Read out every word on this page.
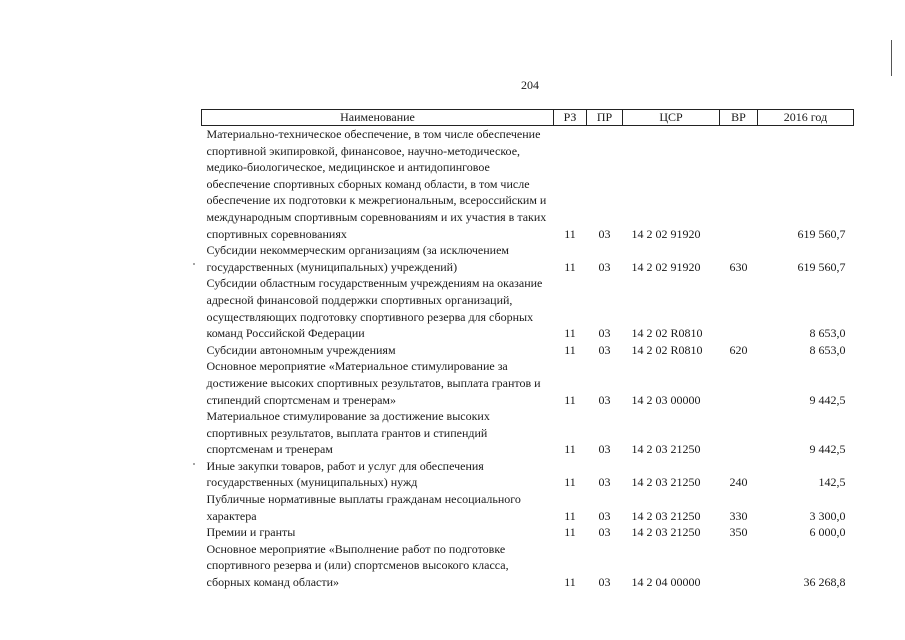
204
Наименование	РЗ	ПР	ЦСР	ВР	2016 год
Материально-техническое обеспечение, в том числе обеспечение спортивной экипировкой, финансовое, научно-методическое, медико-биологическое, медицинское и антидопинговое обеспечение спортивных сборных команд области, в том числе обеспечение их подготовки к межрегиональным, всероссийским и международным спортивным соревнованиям и их участия в таких спортивных соревнованиях	11	03	14 2 02 91920		619 560,7
Субсидии некоммерческим организациям (за исключением государственных (муниципальных) учреждений)	11	03	14 2 02 91920	630	619 560,7
Субсидии областным государственным учреждениям на оказание адресной финансовой поддержки спортивных организаций, осуществляющих подготовку спортивного резерва для сборных команд Российской Федерации	11	03	14 2 02 R0810		8 653,0
Субсидии автономным учреждениям	11	03	14 2 02 R0810	620	8 653,0
Основное мероприятие «Материальное стимулирование за достижение высоких спортивных результатов, выплата грантов и стипендий спортсменам и тренерам»	11	03	14 2 03 00000		9 442,5
Материальное стимулирование за достижение высоких спортивных результатов, выплата грантов и стипендий спортсменам и тренерам	11	03	14 2 03 21250		9 442,5
Иные закупки товаров, работ и услуг для обеспечения государственных (муниципальных) нужд	11	03	14 2 03 21250	240	142,5
Публичные нормативные выплаты гражданам несоциального характера	11	03	14 2 03 21250	330	3 300,0
Премии и гранты	11	03	14 2 03 21250	350	6 000,0
Основное мероприятие «Выполнение работ по подготовке спортивного резерва и (или) спортсменов высокого класса, сборных команд области»	11	03	14 2 04 00000		36 268,8
